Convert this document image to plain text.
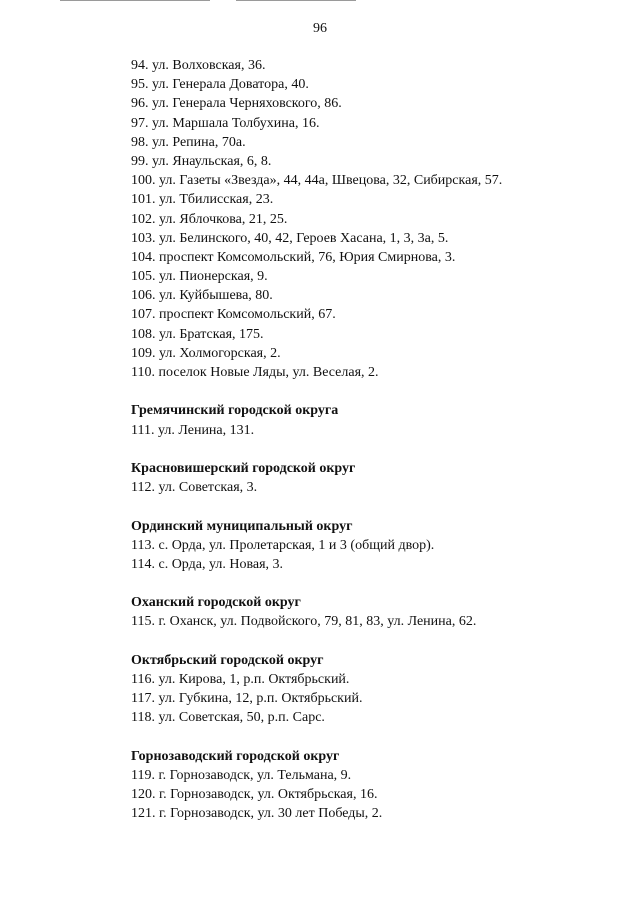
96
94. ул. Волховская, 36.
95. ул. Генерала Доватора, 40.
96. ул. Генерала Черняховского, 86.
97. ул. Маршала Толбухина, 16.
98. ул. Репина, 70а.
99. ул. Янаульская, 6, 8.
100. ул. Газеты «Звезда», 44, 44а, Швецова, 32, Сибирская, 57.
101. ул. Тбилисская, 23.
102. ул. Яблочкова, 21, 25.
103. ул. Белинского, 40, 42, Героев Хасана, 1, 3, 3а, 5.
104. проспект Комсомольский, 76, Юрия Смирнова, 3.
105. ул. Пионерская, 9.
106. ул. Куйбышева, 80.
107. проспект Комсомольский, 67.
108. ул. Братская, 175.
109. ул. Холмогорская, 2.
110. поселок Новые Ляды, ул. Веселая, 2.
Гремячинский городской округа
111. ул. Ленина, 131.
Красновишерский городской округ
112. ул. Советская, 3.
Ординский муниципальный округ
113. с. Орда, ул. Пролетарская, 1 и 3 (общий двор).
114. с. Орда, ул. Новая, 3.
Оханский городской округ
115. г. Оханск, ул. Подвойского, 79, 81, 83, ул. Ленина, 62.
Октябрьский городской округ
116. ул. Кирова, 1, р.п. Октябрьский.
117. ул. Губкина, 12, р.п. Октябрьский.
118. ул. Советская, 50, р.п. Сарс.
Горнозаводский городской округ
119. г. Горнозаводск, ул. Тельмана, 9.
120. г. Горнозаводск, ул. Октябрьская, 16.
121. г. Горнозаводск, ул. 30 лет Победы, 2.
